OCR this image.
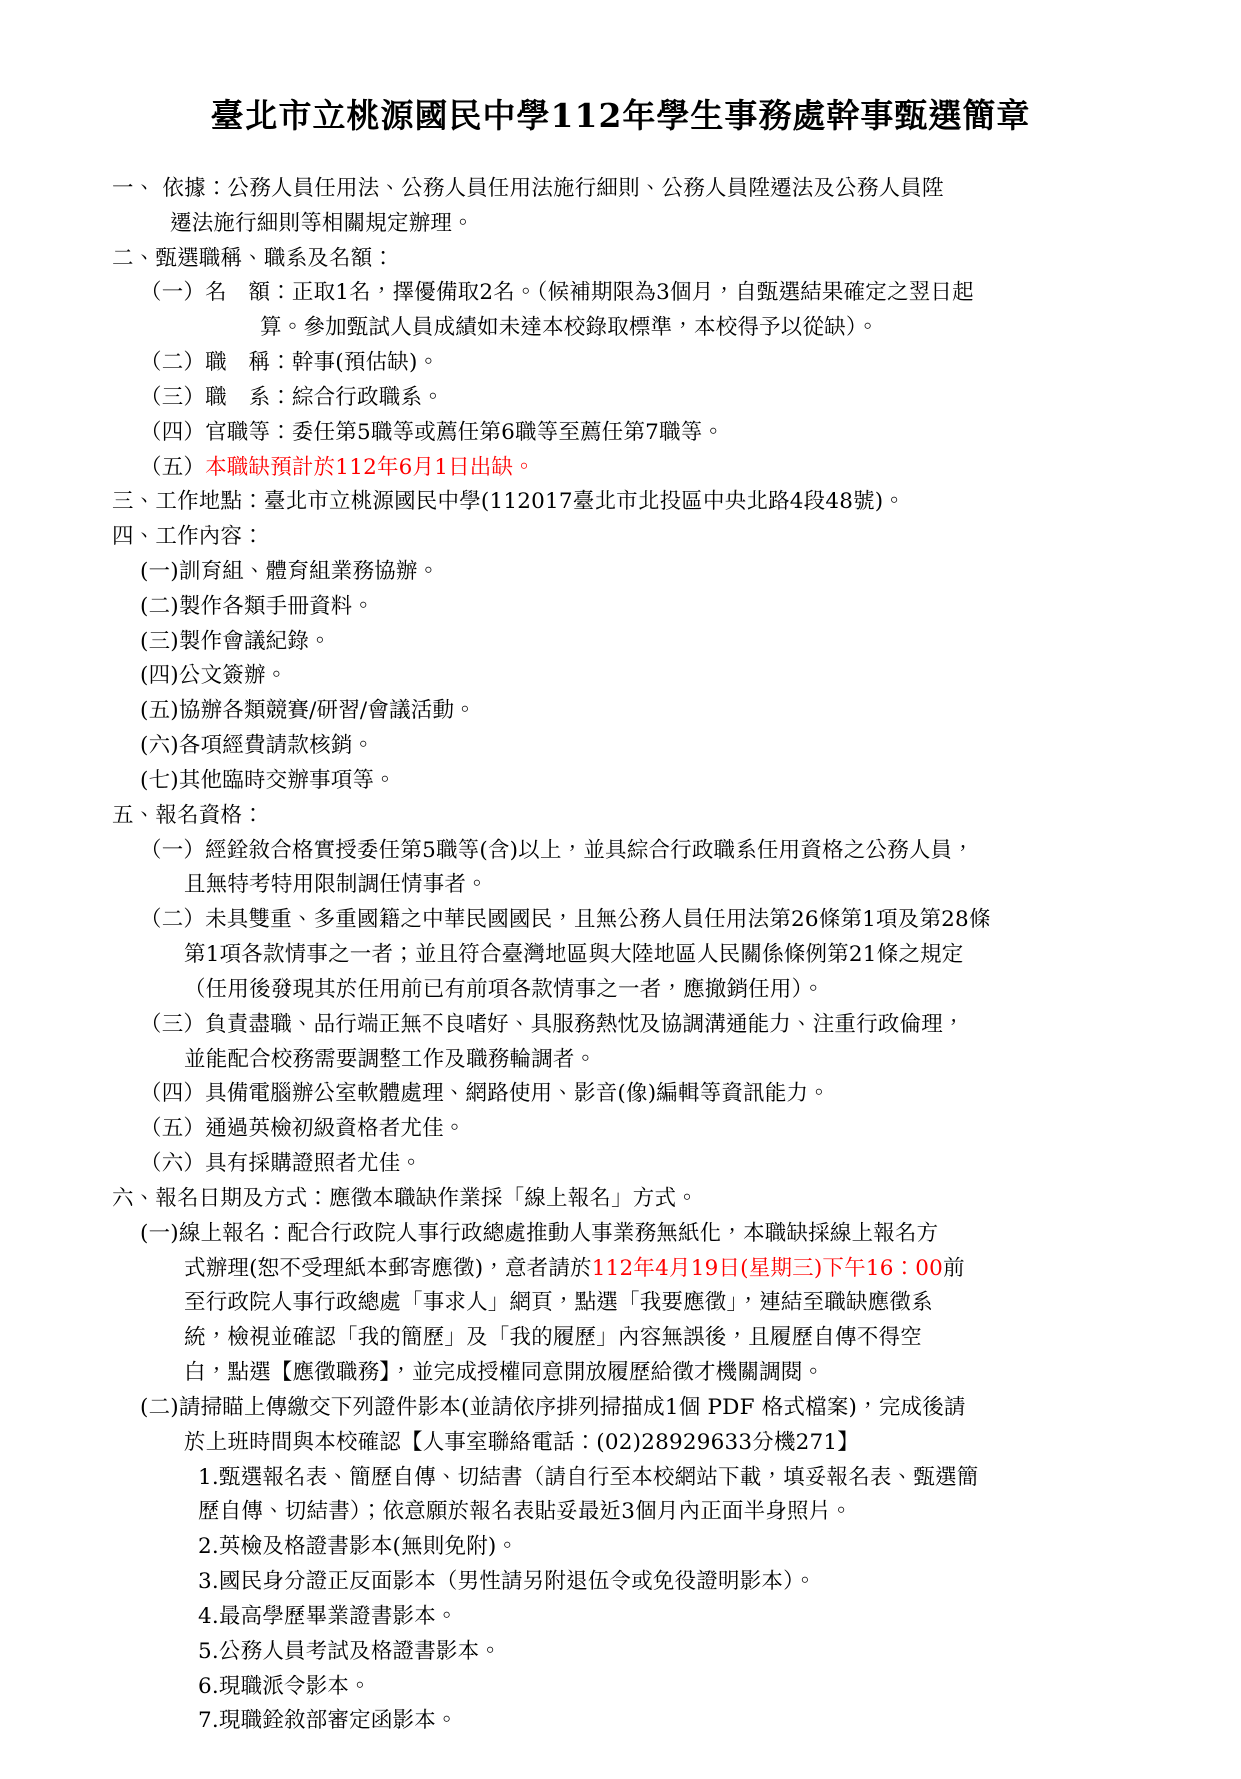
臺北市立桃源國民中學112年學生事務處幹事甄選簡章
一、 依據：公務人員任用法、公務人員任用法施行細則、公務人員陞遷法及公務人員陞
遷法施行細則等相關規定辦理。
二、甄選職稱、職系及名額：
（一）名　額：正取1名，擇優備取2名。（候補期限為3個月，自甄選結果確定之翌日起
算。參加甄試人員成績如未達本校錄取標準，本校得予以從缺）。
（二）職　稱：幹事(預估缺)。
（三）職　系：綜合行政職系。
（四）官職等：委任第5職等或薦任第6職等至薦任第7職等。
（五）本職缺預計於112年6月1日出缺。
三、工作地點：臺北市立桃源國民中學(112017臺北市北投區中央北路4段48號)。
四、工作內容：
(一)訓育組、體育組業務協辦。
(二)製作各類手冊資料。
(三)製作會議紀錄。
(四)公文簽辦。
(五)協辦各類競賽/研習/會議活動。
(六)各項經費請款核銷。
(七)其他臨時交辦事項等。
五、報名資格：
（一）經銓敘合格實授委任第5職等(含)以上，並具綜合行政職系任用資格之公務人員，
且無特考特用限制調任情事者。
（二）未具雙重、多重國籍之中華民國國民，且無公務人員任用法第26條第1項及第28條
第1項各款情事之一者；並且符合臺灣地區與大陸地區人民關係條例第21條之規定
（任用後發現其於任用前已有前項各款情事之一者，應撤銷任用）。
（三）負責盡職、品行端正無不良嗜好、具服務熱忱及協調溝通能力、注重行政倫理，
並能配合校務需要調整工作及職務輪調者。
（四）具備電腦辦公室軟體處理、網路使用、影音(像)編輯等資訊能力。
（五）通過英檢初級資格者尤佳。
（六）具有採購證照者尤佳。
六、報名日期及方式：應徵本職缺作業採「線上報名」方式。
(一)線上報名：配合行政院人事行政總處推動人事業務無紙化，本職缺採線上報名方
式辦理(恕不受理紙本郵寄應徵)，意者請於112年4月19日(星期三)下午16：00前
至行政院人事行政總處「事求人」網頁，點選「我要應徵」，連結至職缺應徵系
統，檢視並確認「我的簡歷」及「我的履歷」內容無誤後，且履歷自傳不得空
白，點選【應徵職務】，並完成授權同意開放履歷給徵才機關調閱。
(二)請掃瞄上傳繳交下列證件影本(並請依序排列掃描成1個 PDF 格式檔案)，完成後請
於上班時間與本校確認【人事室聯絡電話：(02)28929633分機271】
1.甄選報名表、簡歷自傳、切結書（請自行至本校網站下載，填妥報名表、甄選簡
歷自傳、切結書）；依意願於報名表貼妥最近3個月內正面半身照片。
2.英檢及格證書影本(無則免附)。
3.國民身分證正反面影本（男性請另附退伍令或免役證明影本）。
4.最高學歷畢業證書影本。
5.公務人員考試及格證書影本。
6.現職派令影本。
7.現職銓敘部審定函影本。
